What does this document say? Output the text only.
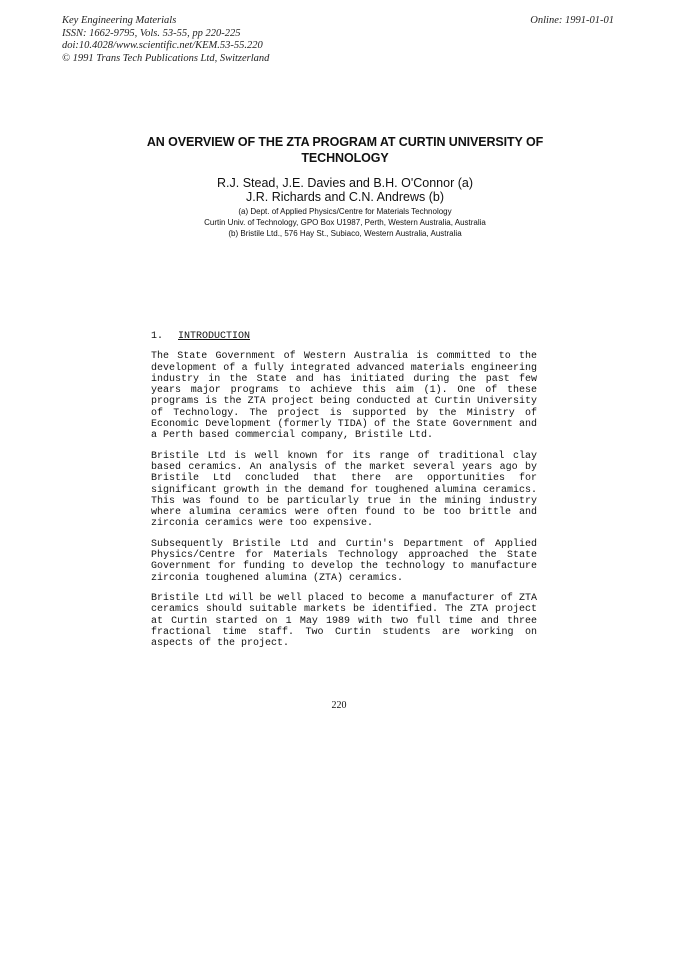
Key Engineering Materials
ISSN: 1662-9795, Vols. 53-55, pp 220-225
doi:10.4028/www.scientific.net/KEM.53-55.220
© 1991 Trans Tech Publications Ltd, Switzerland
Online: 1991-01-01
AN OVERVIEW OF THE ZTA PROGRAM AT CURTIN UNIVERSITY OF
TECHNOLOGY
R.J. Stead, J.E. Davies and B.H. O'Connor (a)
J.R. Richards and C.N. Andrews (b)
(a) Dept. of Applied Physics/Centre for Materials Technology
Curtin Univ. of Technology, GPO Box U1987, Perth, Western Australia, Australia
(b) Bristile Ltd., 576 Hay St., Subiaco, Western Australia, Australia
1.	INTRODUCTION

The State Government of Western Australia is committed to the development of a fully integrated advanced materials engineering industry in the State and has initiated during the past few years major programs to achieve this aim (1). One of these programs is the ZTA project being conducted at Curtin University of Technology. The project is supported by the Ministry of Economic Development (formerly TIDA) of the State Government and a Perth based commercial company, Bristile Ltd.

Bristile Ltd is well known for its range of traditional clay based ceramics. An analysis of the market several years ago by Bristile Ltd concluded that there are opportunities for significant growth in the demand for toughened alumina ceramics. This was found to be particularly true in the mining industry where alumina ceramics were often found to be too brittle and zirconia ceramics were too expensive.

Subsequently Bristile Ltd and Curtin's Department of Applied Physics/Centre for Materials Technology approached the State Government for funding to develop the technology to manufacture zirconia toughened alumina (ZTA) ceramics.

Bristile Ltd will be well placed to become a manufacturer of ZTA ceramics should suitable markets be identified. The ZTA project at Curtin started on 1 May 1989 with two full time and three fractional time staff. Two Curtin students are working on aspects of the project.

220
